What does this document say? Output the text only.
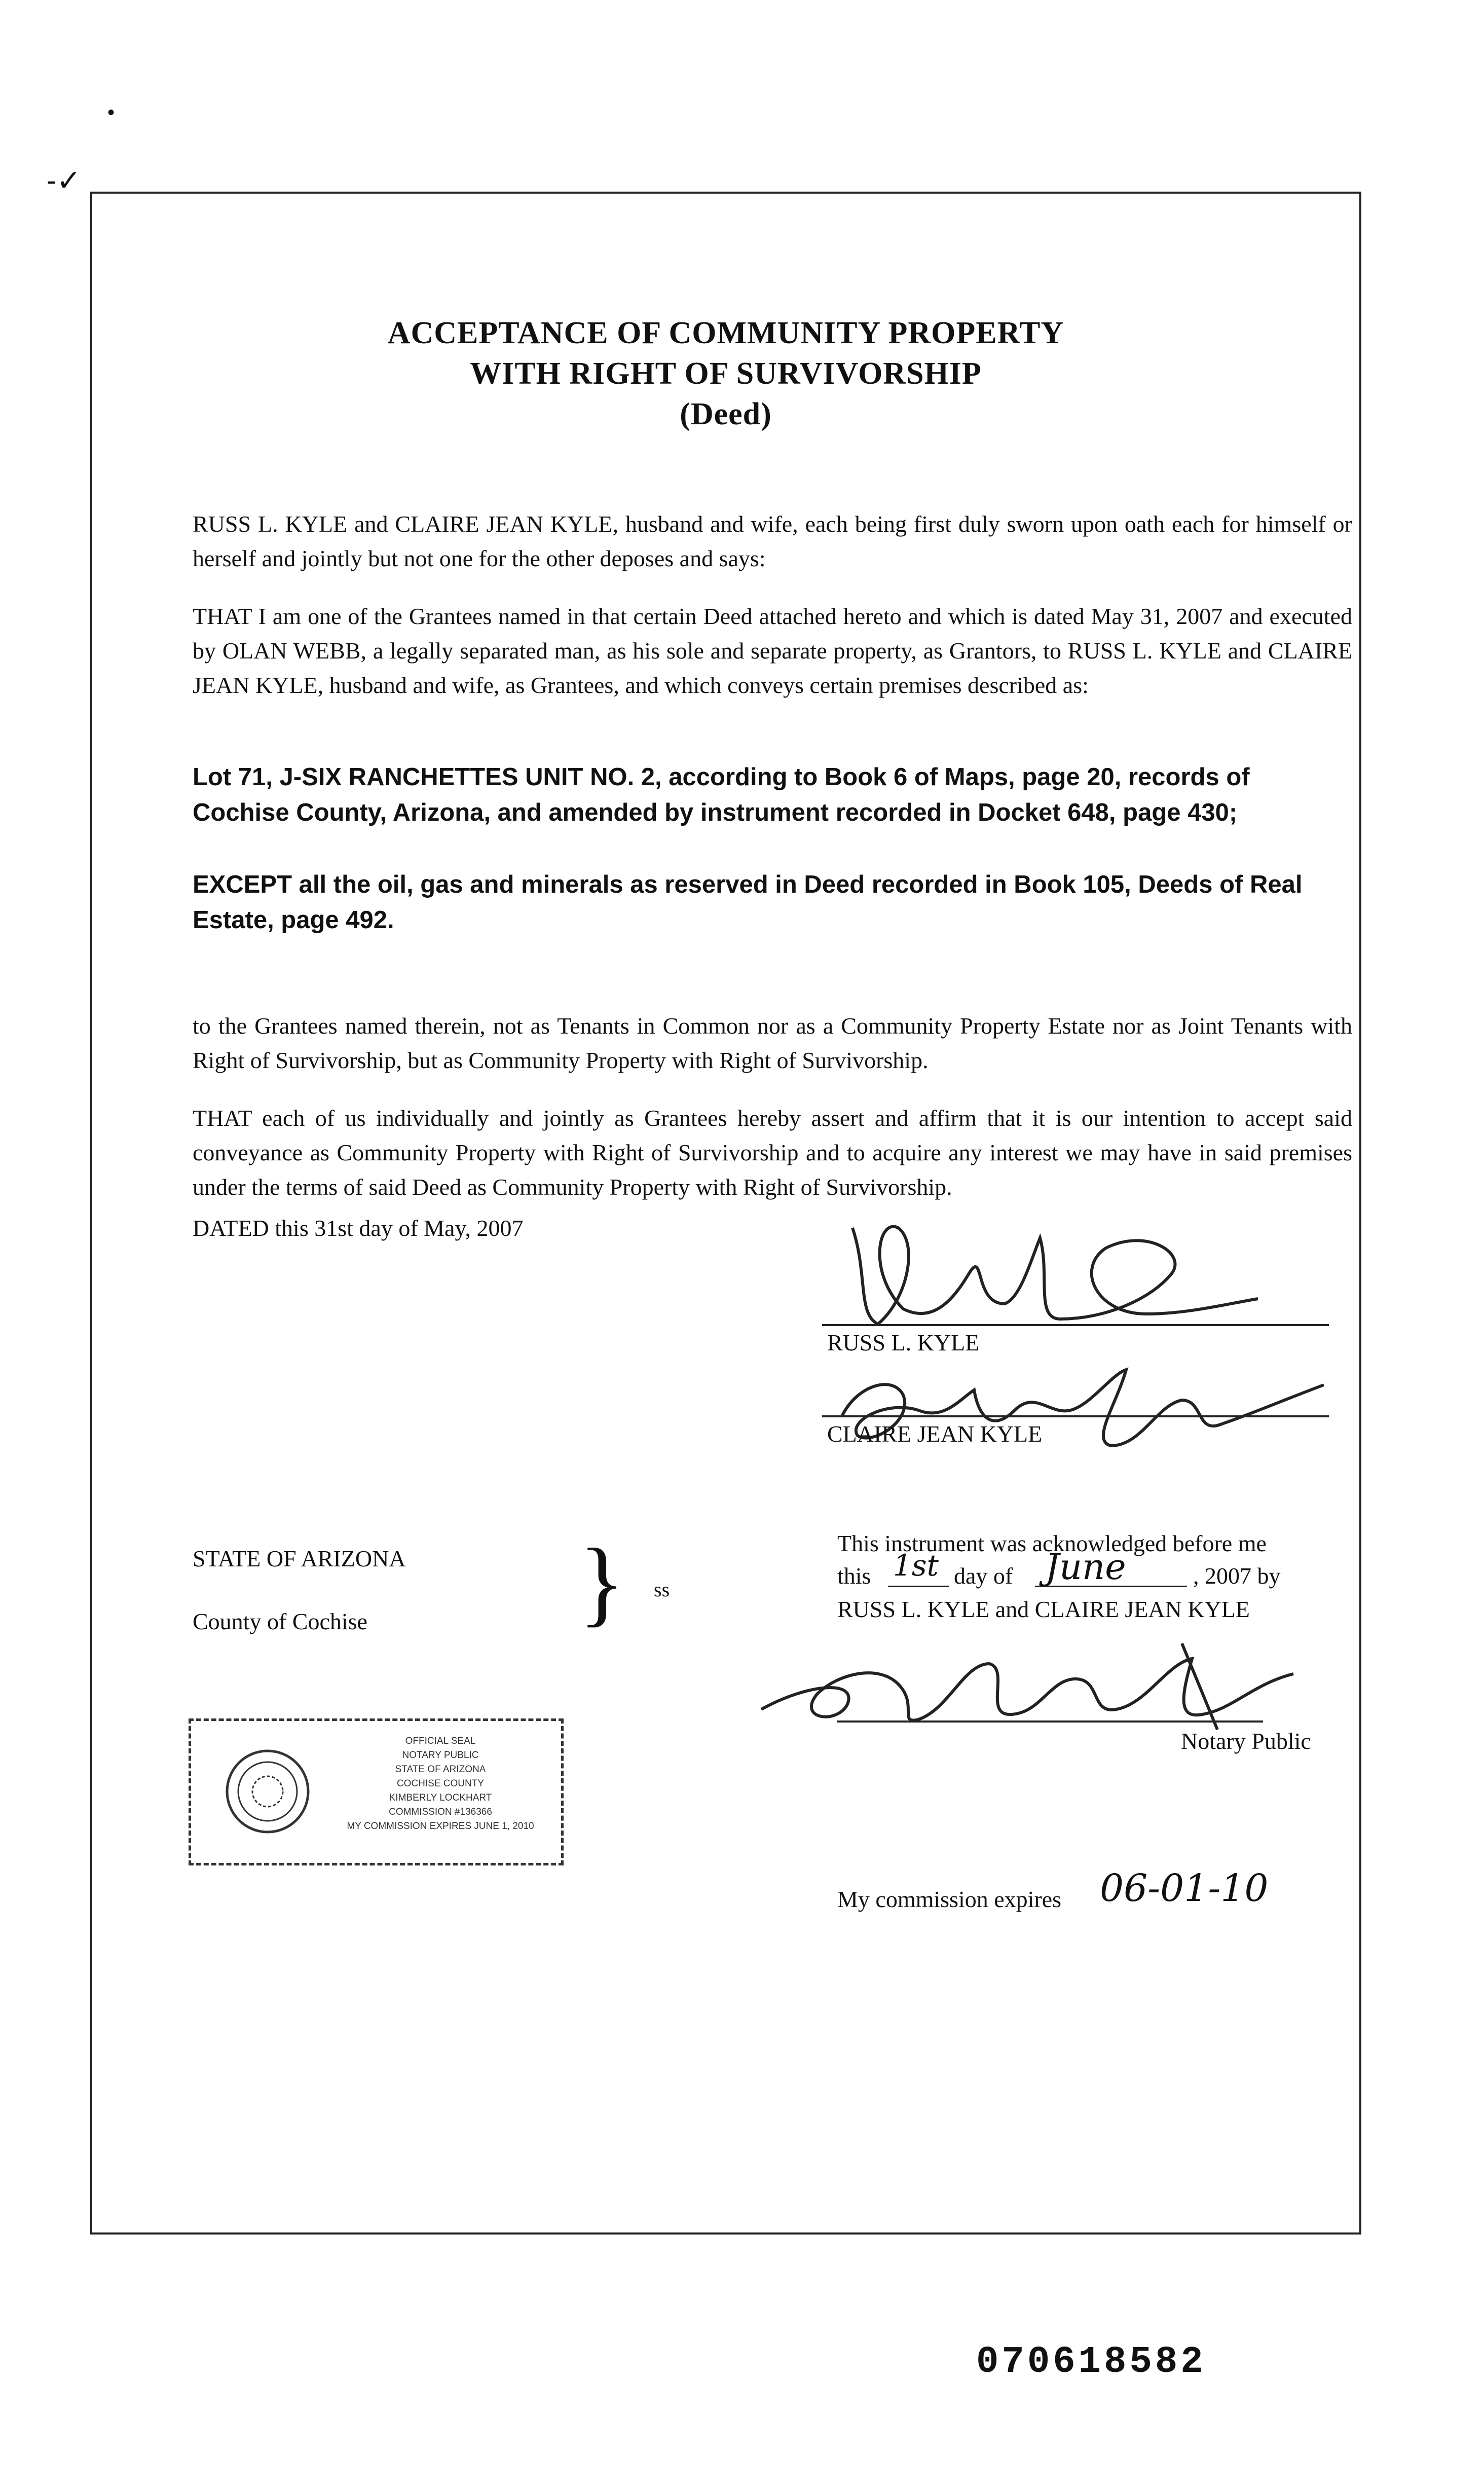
•
-✓
ACCEPTANCE OF COMMUNITY PROPERTY
WITH RIGHT OF SURVIVORSHIP
(Deed)
RUSS L. KYLE and CLAIRE JEAN KYLE, husband and wife, each being first duly sworn upon oath each for himself or herself and jointly but not one for the other deposes and says:
THAT I am one of the Grantees named in that certain Deed attached hereto and which is dated May 31, 2007 and executed by OLAN WEBB, a legally separated man, as his sole and separate property, as Grantors, to RUSS L. KYLE and CLAIRE JEAN KYLE, husband and wife, as Grantees, and which conveys certain premises described as:
Lot 71, J-SIX RANCHETTES UNIT NO. 2, according to Book 6 of Maps, page 20, records of Cochise County, Arizona, and amended by instrument recorded in Docket 648, page 430;
EXCEPT all the oil, gas and minerals as reserved in Deed recorded in Book 105, Deeds of Real Estate, page 492.
to the Grantees named therein, not as Tenants in Common nor as a Community Property Estate nor as Joint Tenants with Right of Survivorship, but as Community Property with Right of Survivorship.
THAT each of us individually and jointly as Grantees hereby assert and affirm that it is our intention to accept said conveyance as Community Property with Right of Survivorship and to acquire any interest we may have in said premises under the terms of said Deed as Community Property with Right of Survivorship.
DATED this 31st day of May, 2007
RUSS L. KYLE
CLAIRE JEAN KYLE
STATE OF ARIZONA
County of Cochise } ss
This instrument was acknowledged before me
this 1st day of June	, 2007 by
RUSS L. KYLE and CLAIRE JEAN KYLE
Notary Public
My commission expires 06-01-10
OFFICIAL SEAL
NOTARY PUBLIC
STATE OF ARIZONA
COCHISE COUNTY
KIMBERLY LOCKHART
COMMISSION #136366
MY COMMISSION EXPIRES JUNE 1, 2010
070618582
